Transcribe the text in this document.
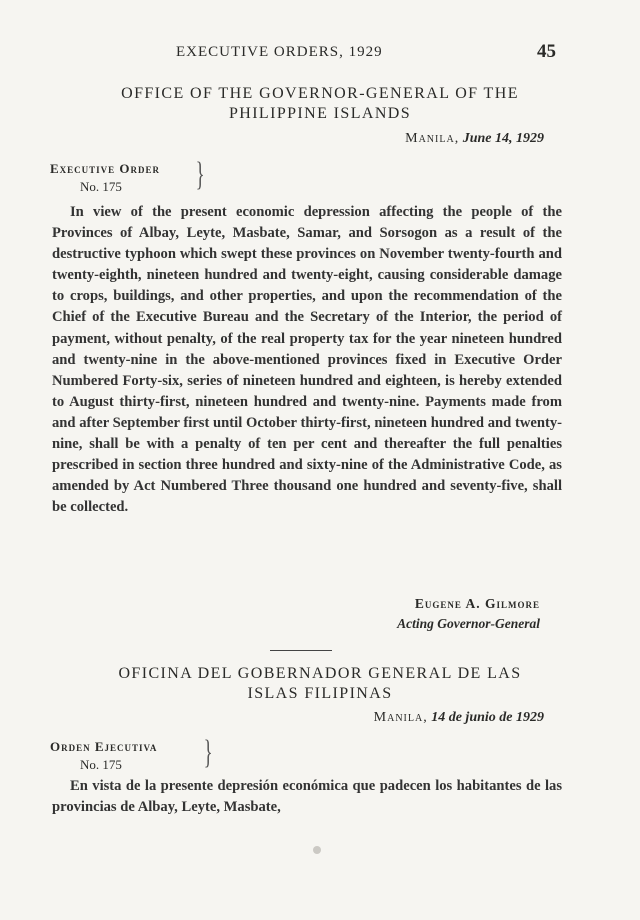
EXECUTIVE ORDERS, 1929	45
OFFICE OF THE GOVERNOR-GENERAL OF THE
PHILIPPINE ISLANDS
Manila, June 14, 1929
Executive Order
No. 175	}
In view of the present economic depression affecting the people of the Provinces of Albay, Leyte, Masbate, Samar, and Sorsogon as a result of the destructive typhoon which swept these provinces on November twenty-fourth and twenty-eighth, nineteen hundred and twenty-eight, causing considerable damage to crops, buildings, and other properties, and upon the recommendation of the Chief of the Executive Bureau and the Secretary of the Interior, the period of payment, without penalty, of the real property tax for the year nineteen hundred and twenty-nine in the above-mentioned provinces fixed in Executive Order Numbered Forty-six, series of nineteen hundred and eighteen, is hereby extended to August thirty-first, nineteen hundred and twenty-nine. Payments made from and after September first until October thirty-first, nineteen hundred and twenty-nine, shall be with a penalty of ten per cent and thereafter the full penalties prescribed in section three hundred and sixty-nine of the Administrative Code, as amended by Act Numbered Three thousand one hundred and seventy-five, shall be collected.
Eugene A. Gilmore
Acting Governor-General
OFICINA DEL GOBERNADOR GENERAL DE LAS
ISLAS FILIPINAS
Manila, 14 de junio de 1929
Orden Ejecutiva
No. 175	}
En vista de la presente depresión económica que padecen los habitantes de las provincias de Albay, Leyte, Masbate,
